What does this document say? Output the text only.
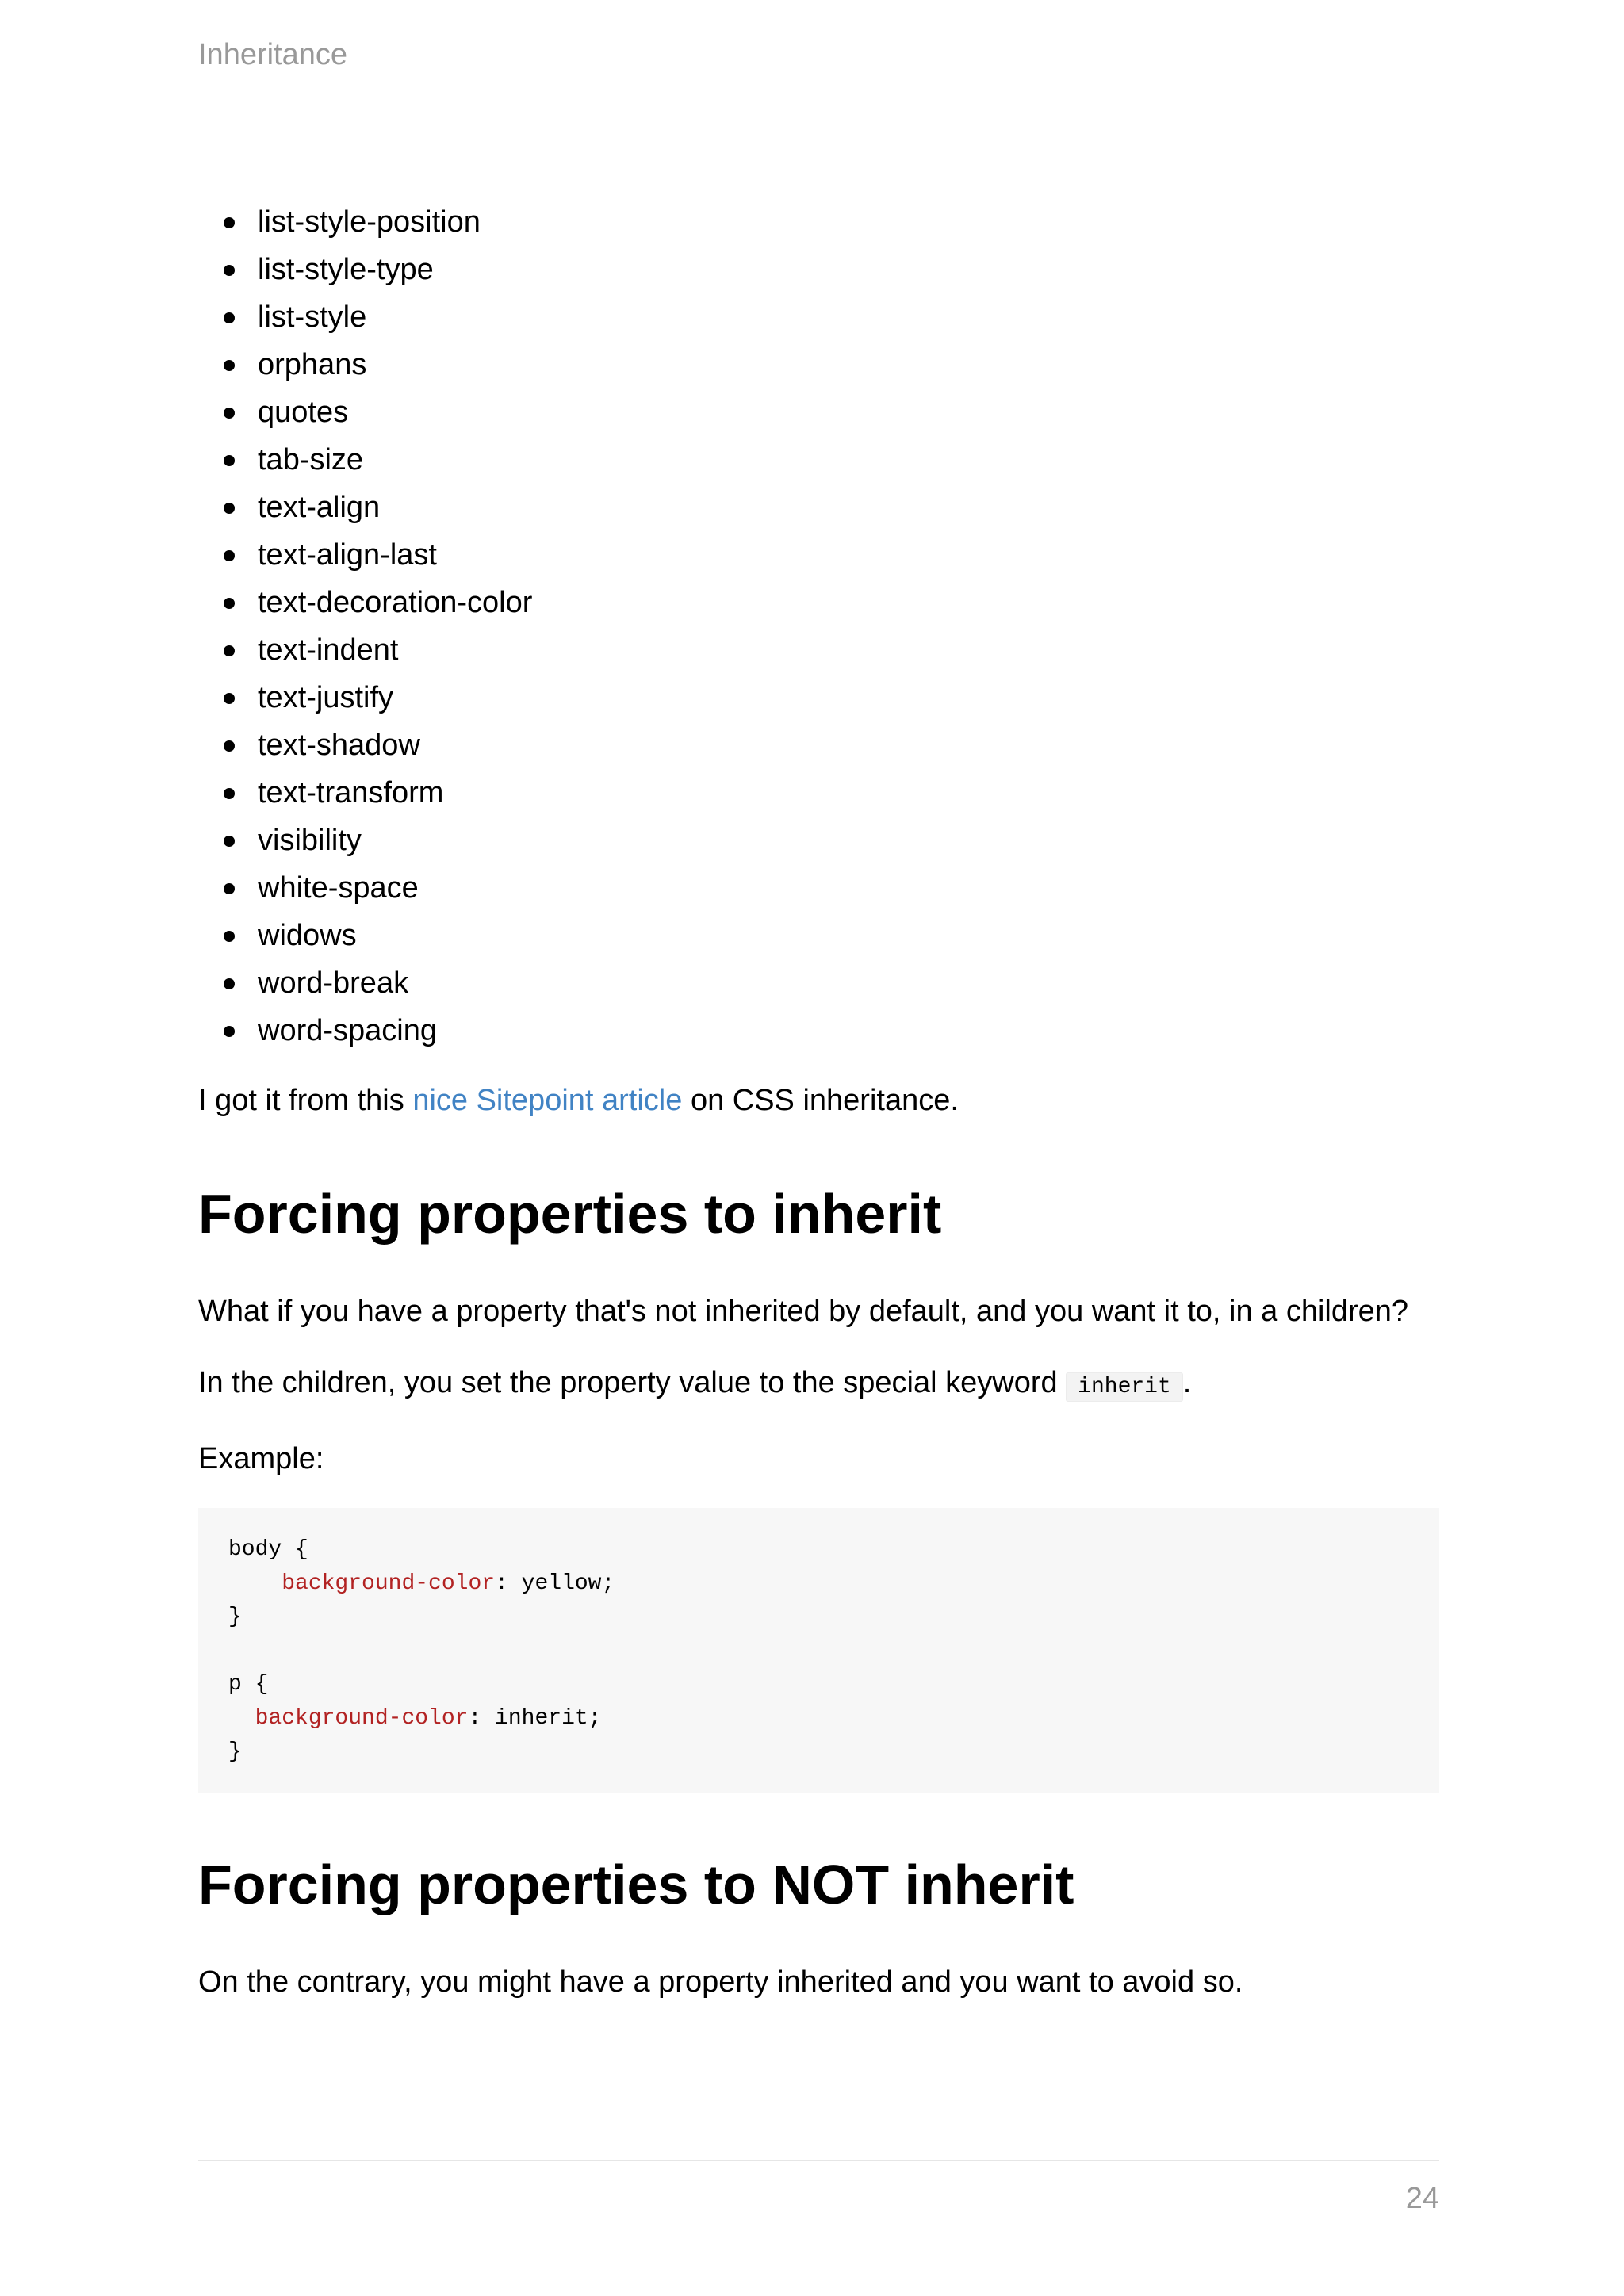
Inheritance
list-style-position
list-style-type
list-style
orphans
quotes
tab-size
text-align
text-align-last
text-decoration-color
text-indent
text-justify
text-shadow
text-transform
visibility
white-space
widows
word-break
word-spacing

I got it from this nice Sitepoint article on CSS inheritance.

Forcing properties to inherit

What if you have a property that's not inherited by default, and you want it to, in a children?

In the children, you set the property value to the special keyword inherit .

Example:

body {
background-color: yellow;
}

p {
background-color: inherit;
}
Forcing properties to NOT inherit

On the contrary, you might have a property inherited and you want to avoid so.

24
